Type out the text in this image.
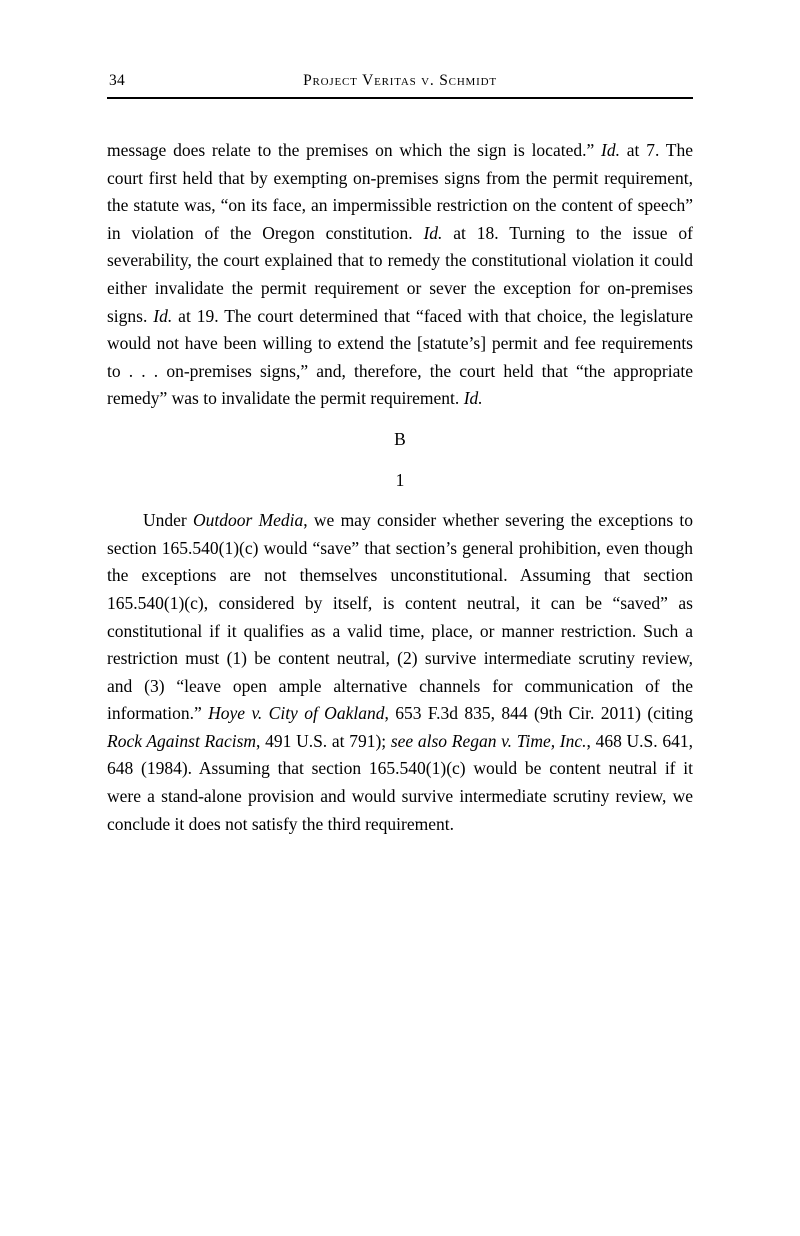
34	Project Veritas v. Schmidt

message does relate to the premises on which the sign is located.” Id. at 7. The court first held that by exempting on-premises signs from the permit requirement, the statute was, “on its face, an impermissible restriction on the content of speech” in violation of the Oregon constitution. Id. at 18. Turning to the issue of severability, the court explained that to remedy the constitutional violation it could either invalidate the permit requirement or sever the exception for on-premises signs. Id. at 19. The court determined that “faced with that choice, the legislature would not have been willing to extend the [statute’s] permit and fee requirements to . . . on-premises signs,” and, therefore, the court held that “the appropriate remedy” was to invalidate the permit requirement. Id.

B
1

Under Outdoor Media, we may consider whether severing the exceptions to section 165.540(1)(c) would “save” that section’s general prohibition, even though the exceptions are not themselves unconstitutional. Assuming that section 165.540(1)(c), considered by itself, is content neutral, it can be “saved” as constitutional if it qualifies as a valid time, place, or manner restriction. Such a restriction must (1) be content neutral, (2) survive intermediate scrutiny review, and (3) “leave open ample alternative channels for communication of the information.” Hoye v. City of Oakland, 653 F.3d 835, 844 (9th Cir. 2011) (citing Rock Against Racism, 491 U.S. at 791); see also Regan v. Time, Inc., 468 U.S. 641, 648 (1984). Assuming that section 165.540(1)(c) would be content neutral if it were a stand-alone provision and would survive intermediate scrutiny review, we conclude it does not satisfy the third requirement.
